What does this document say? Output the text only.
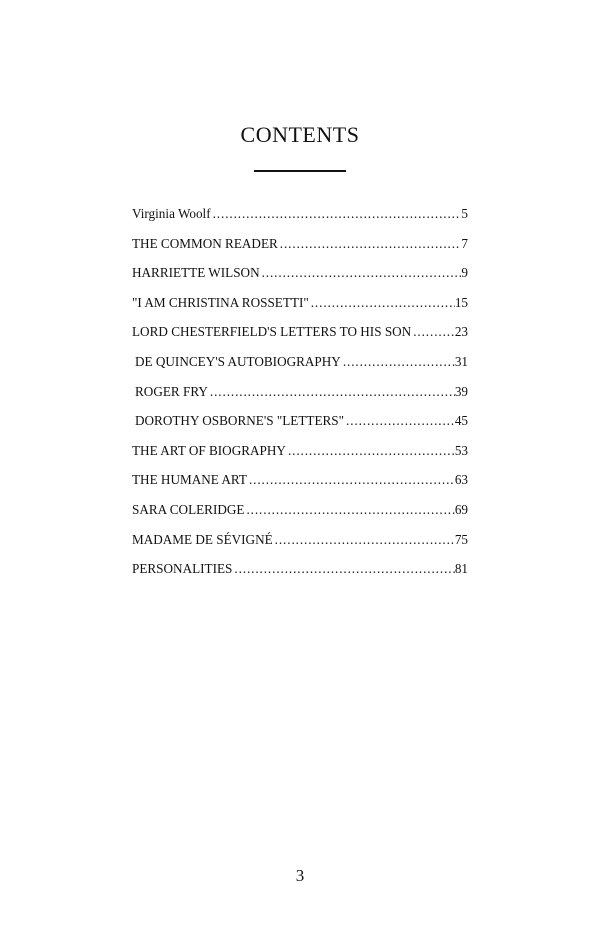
CONTENTS
Virginia Woolf . . .	5
THE COMMON READER . . .	7
HARRIETTE WILSON . . .	9
"I AM CHRISTINA ROSSETTI" . . .	15
LORD CHESTERFIELD'S LETTERS TO HIS SON . . .	23
DE QUINCEY'S AUTOBIOGRAPHY . . .	31
ROGER FRY . . .	39
DOROTHY OSBORNE'S "LETTERS" . . .	45
THE ART OF BIOGRAPHY . . .	53
THE HUMANE ART . . .	63
SARA COLERIDGE . . .	69
MADAME DE SÉVIGNÉ . . .	75
PERSONALITIES . . .	81
3
